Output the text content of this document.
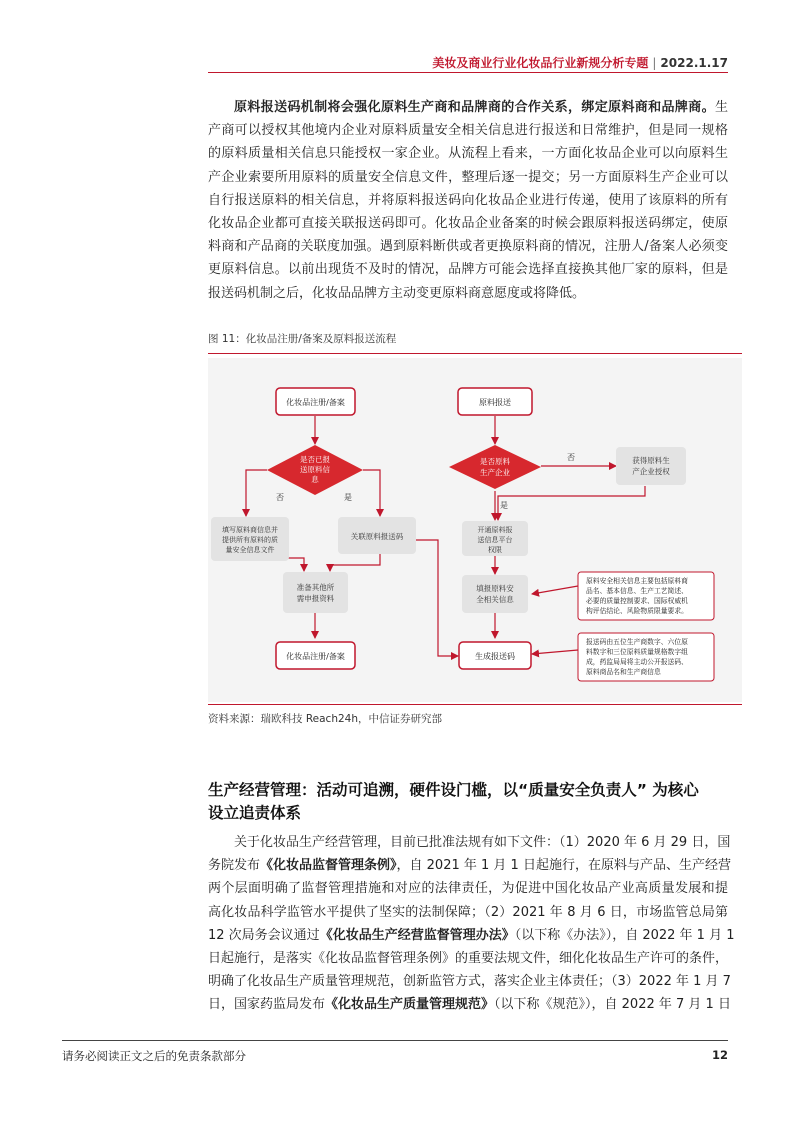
美妆及商业行业化妆品行业新规分析专题 | 2022.1.17
原料报送码机制将会强化原料生产商和品牌商的合作关系，绑定原料商和品牌商。生
产商可以授权其他境内企业对原料质量安全相关信息进行报送和日常维护，但是同一规格
的原料质量相关信息只能授权一家企业。从流程上看来，一方面化妆品企业可以向原料生
产企业索要所用原料的质量安全信息文件，整理后逐一提交；另一方面原料生产企业可以
自行报送原料的相关信息，并将原料报送码向化妆品企业进行传递，使用了该原料的所有
化妆品企业都可直接关联报送码即可。化妆品企业备案的时候会跟原料报送码绑定，使原
料商和产品商的关联度加强。遇到原料断供或者更换原料商的情况，注册人/备案人必须变
更原料信息。以前出现货不及时的情况，品牌方可能会选择直接换其他厂家的原料，但是
报送码机制之后，化妆品品牌方主动变更原料商意愿度或将降低。
图 11：化妆品注册/备案及原料报送流程
化妆品注册/备案
是否已报
送原料信
息
否	是
填写原料商信息并
提供所有原料的质
量安全信息文件
关联原料报送码
准备其他所
需申报资料
化妆品注册/备案
原料报送
是否原料
生产企业
否
是
获得原料生
产企业授权
开通原料报
送信息平台
权限
填报原料安
全相关信息
生成报送码
原料安全相关信息主要包括原料商
品名、基本信息、生产工艺简述、
必要的质量控制要求、国际权威机
构评估结论、风险物质限量要求。
报送码由五位生产商数字、六位原
料数字和三位原料质量规格数字组
成，药监局局将主动公开报送码、
原料商品名和生产商信息
资料来源：瑞欧科技 Reach24h，中信证券研究部
生产经营管理：活动可追溯，硬件设门槛，以“质量安全负责人” 为核心
设立追责体系
关于化妆品生产经营管理，目前已批准法规有如下文件：（1）2020 年 6 月 29 日，国
务院发布《化妆品监督管理条例》，自 2021 年 1 月 1 日起施行，在原料与产品、生产经营
两个层面明确了监督管理措施和对应的法律责任，为促进中国化妆品产业高质量发展和提
高化妆品科学监管水平提供了坚实的法制保障；（2）2021 年 8 月 6 日，市场监管总局第
12 次局务会议通过《化妆品生产经营监督管理办法》（以下称《办法》），自 2022 年 1 月 1
日起施行，是落实《化妆品监督管理条例》的重要法规文件，细化化妆品生产许可的条件，
明确了化妆品生产质量管理规范，创新监管方式，落实企业主体责任；（3）2022 年 1 月 7
日，国家药监局发布《化妆品生产质量管理规范》（以下称《规范》），自 2022 年 7 月 1 日
请务必阅读正文之后的免责条款部分	12
